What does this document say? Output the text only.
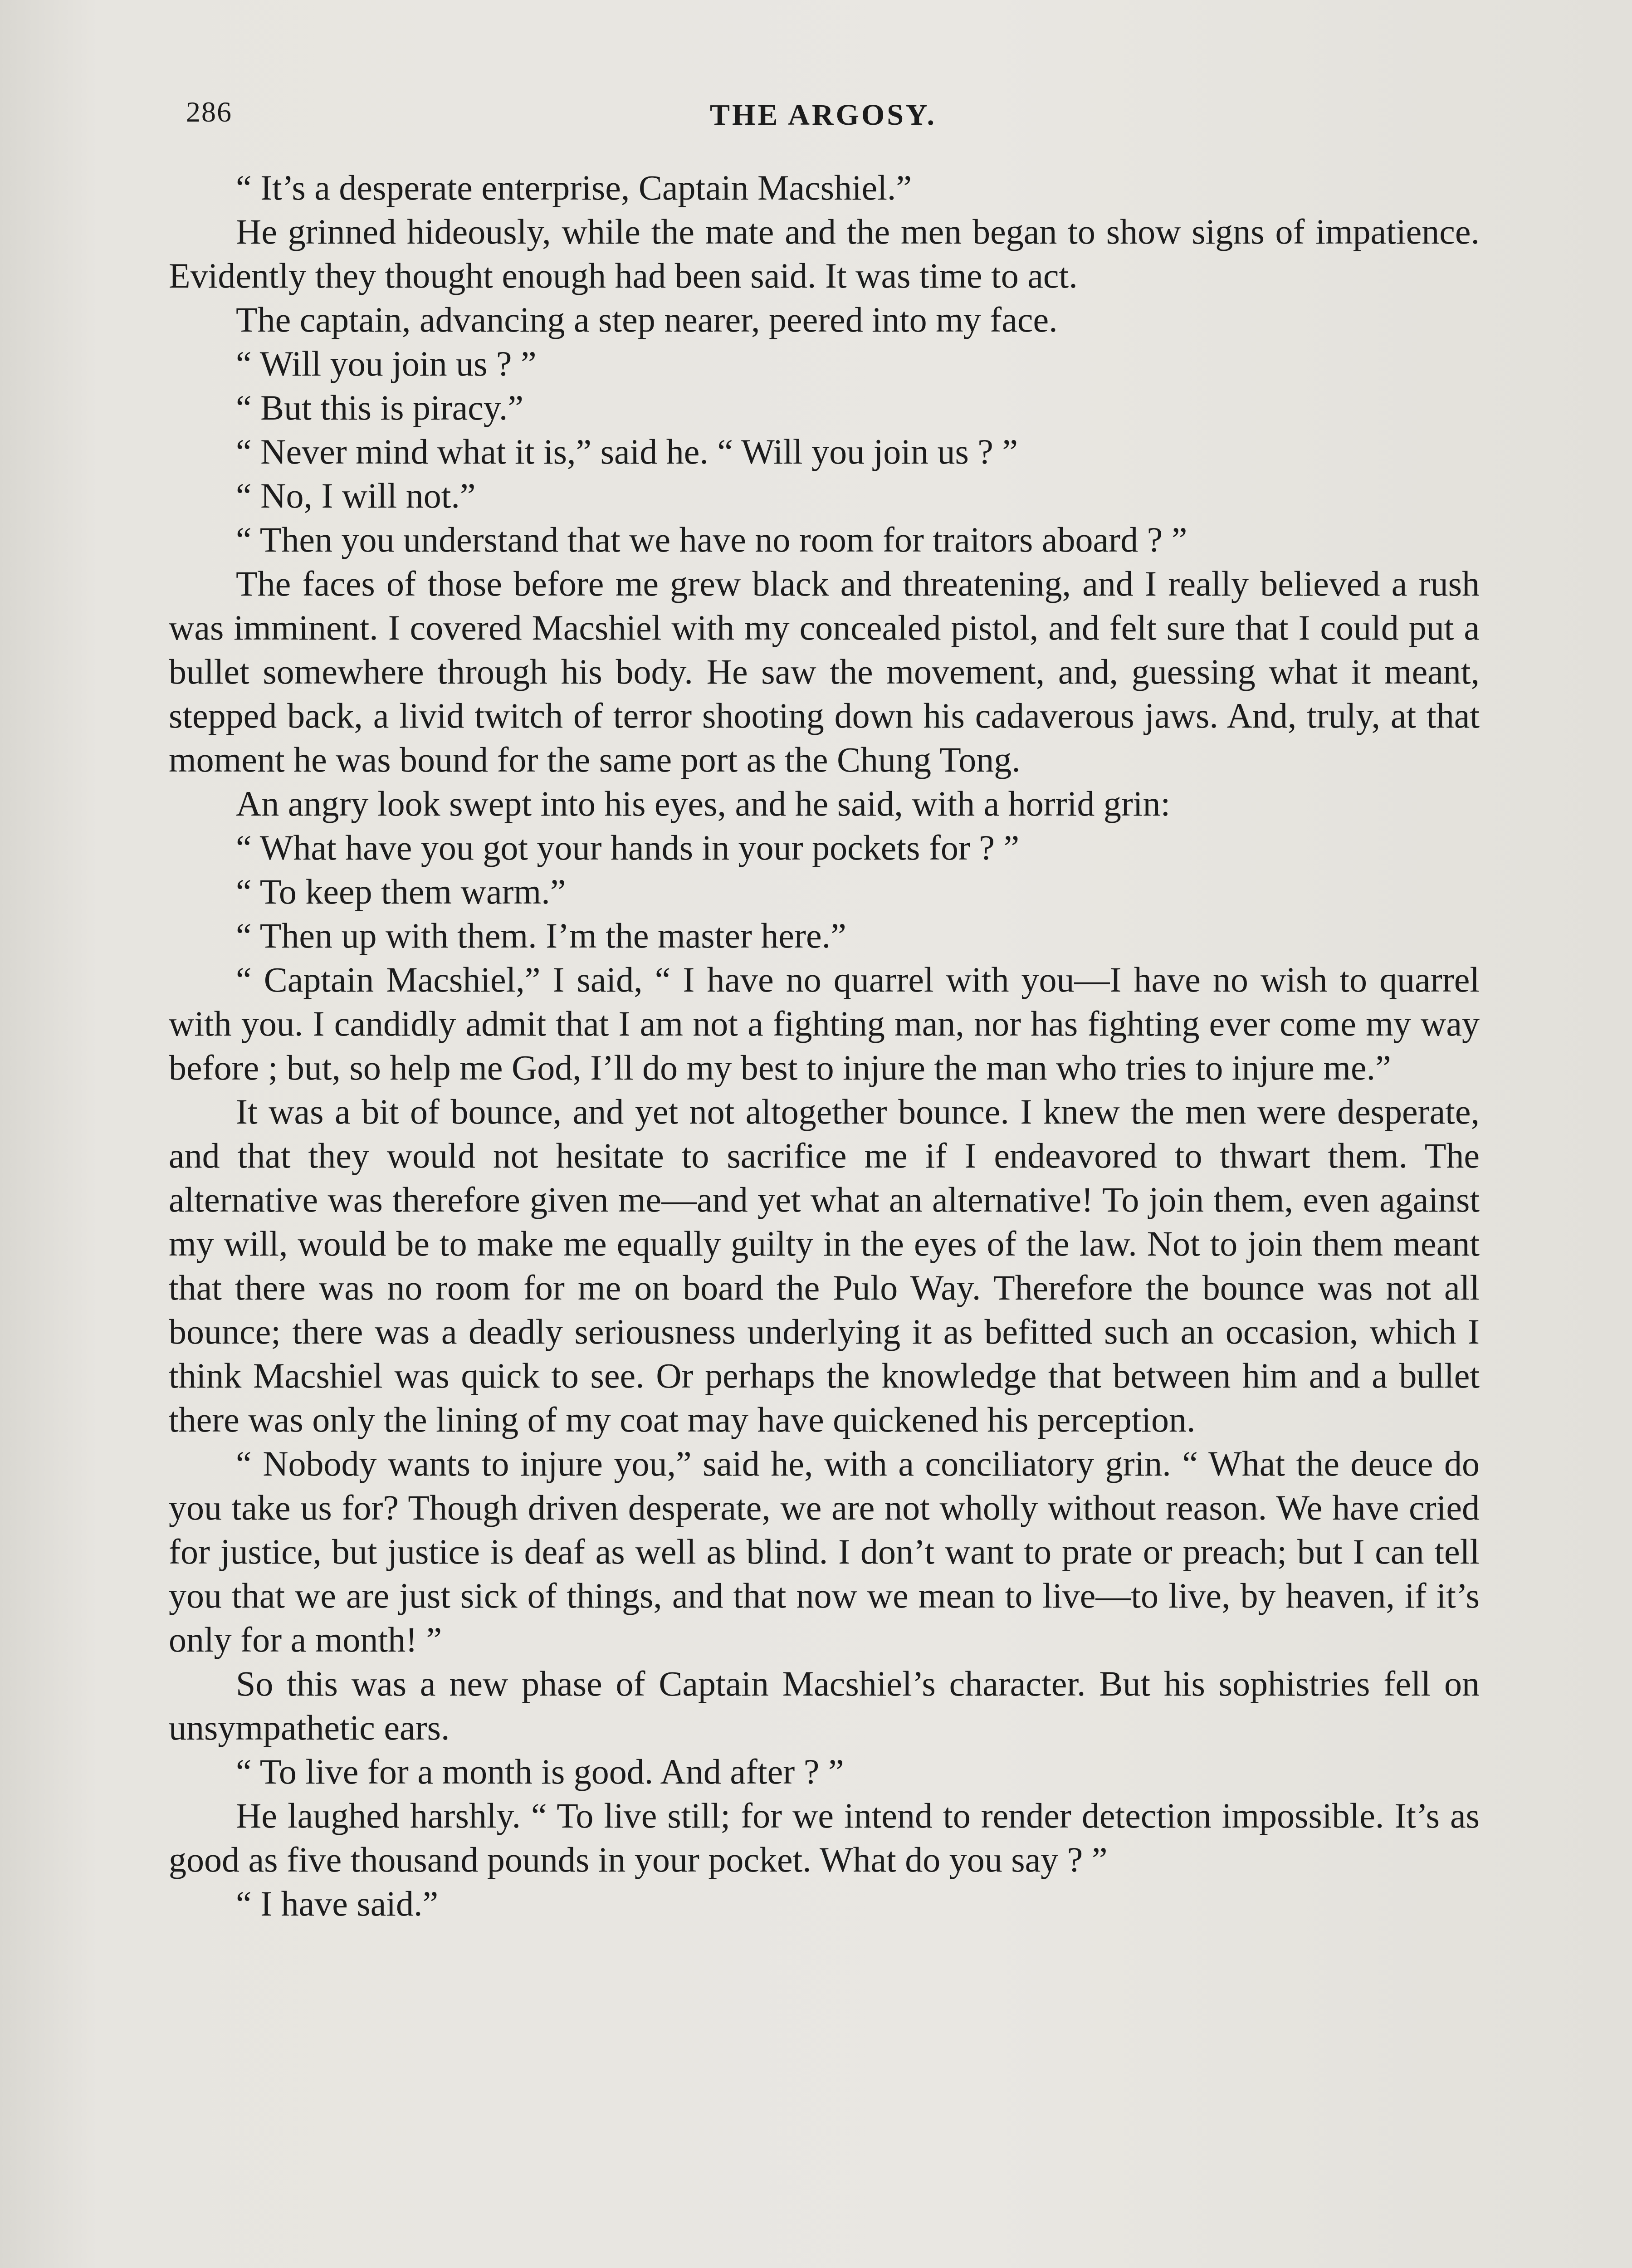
286	THE ARGOSY.

“ It’s a desperate enterprise, Captain Macshiel.”

He grinned hideously, while the mate and the men began to show signs of impatience. Evidently they thought enough had been said. It was time to act.

The captain, advancing a step nearer, peered into my face.

“ Will you join us ? ”

“ But this is piracy.”

“ Never mind what it is,” said he. “ Will you join us ? ”

“ No, I will not.”

“ Then you understand that we have no room for traitors aboard ? ”

The faces of those before me grew black and threatening, and I really believed a rush was imminent. I covered Macshiel with my concealed pistol, and felt sure that I could put a bullet somewhere through his body. He saw the movement, and, guessing what it meant, stepped back, a livid twitch of terror shooting down his cadaverous jaws. And, truly, at that moment he was bound for the same port as the Chung Tong.

An angry look swept into his eyes, and he said, with a horrid grin:

“ What have you got your hands in your pockets for ? ”

“ To keep them warm.”

“ Then up with them. I’m the master here.”

“ Captain Macshiel,” I said, “ I have no quarrel with you—I have no wish to quarrel with you. I candidly admit that I am not a fighting man, nor has fighting ever come my way before ; but, so help me God, I’ll do my best to injure the man who tries to injure me.”

It was a bit of bounce, and yet not altogether bounce. I knew the men were desperate, and that they would not hesitate to sacrifice me if I endeavored to thwart them. The alternative was therefore given me—and yet what an alternative! To join them, even against my will, would be to make me equally guilty in the eyes of the law. Not to join them meant that there was no room for me on board the Pulo Way. Therefore the bounce was not all bounce; there was a deadly seriousness underlying it as befitted such an occasion, which I think Macshiel was quick to see. Or perhaps the knowledge that between him and a bullet there was only the lining of my coat may have quickened his perception.

“ Nobody wants to injure you,” said he, with a conciliatory grin. “ What the deuce do you take us for? Though driven desperate, we are not wholly without reason. We have cried for justice, but justice is deaf as well as blind. I don’t want to prate or preach; but I can tell you that we are just sick of things, and that now we mean to live—to live, by heaven, if it’s only for a month! ”

So this was a new phase of Captain Macshiel’s character. But his sophistries fell on unsympathetic ears.

“ To live for a month is good. And after ? ”

He laughed harshly. “ To live still; for we intend to render detection impossible. It’s as good as five thousand pounds in your pocket. What do you say ? ”

“ I have said.”
